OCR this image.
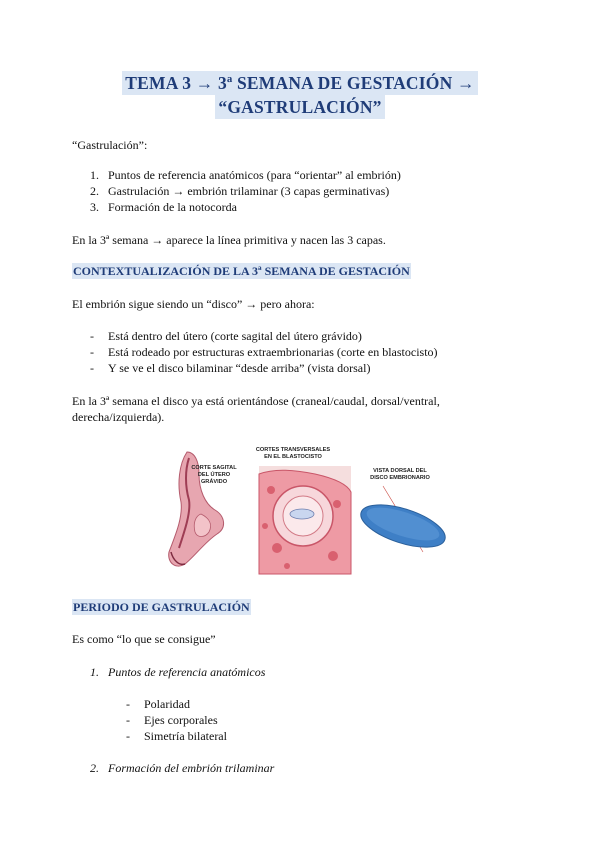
TEMA 3 → 3ª SEMANA DE GESTACIÓN →
“GASTRULACIÓN”
“Gastrulación”:
1. Puntos de referencia anatómicos (para “orientar” al embrión)
2. Gastrulación → embrión trilaminar (3 capas germinativas)
3. Formación de la notocorda
En la 3ª semana → aparece la línea primitiva y nacen las 3 capas.
CONTEXTUALIZACIÓN DE LA 3ª SEMANA DE GESTACIÓN
El embrión sigue siendo un “disco” → pero ahora:
- Está dentro del útero (corte sagital del útero grávido)
- Está rodeado por estructuras extraembrionarias (corte en blastocisto)
- Y se ve el disco bilaminar “desde arriba” (vista dorsal)
En la 3ª semana el disco ya está orientándose (craneal/caudal, dorsal/ventral,
derecha/izquierda).
CORTE SAGITAL
DEL ÚTERO
GRÁVIDO
CORTES TRANSVERSALES
EN EL BLASTOCISTO
VISTA DORSAL DEL
DISCO EMBRIONARIO
PERIODO DE GASTRULACIÓN
Es como “lo que se consigue”
1. Puntos de referencia anatómicos
- Polaridad
- Ejes corporales
- Simetría bilateral
2. Formación del embrión trilaminar
